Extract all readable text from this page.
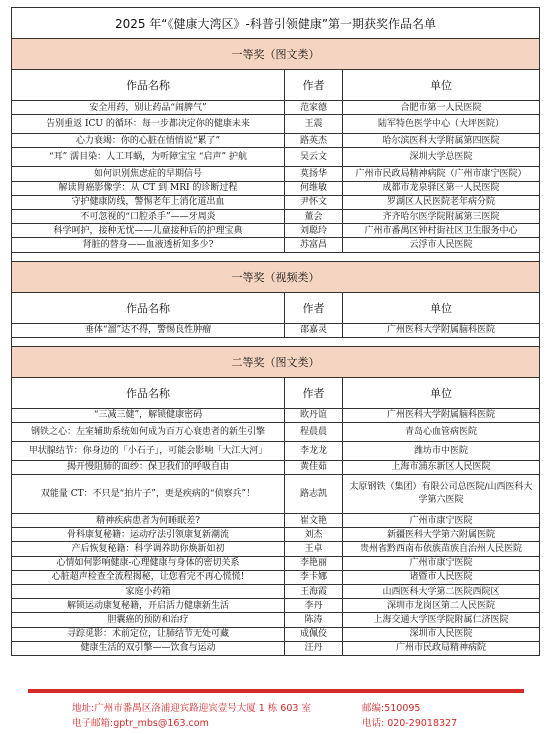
2025 年“《健康大湾区》-科普引领健康”第一期获奖作品名单		
一等奖（图文类）		
作品名称	作者	单位
安全用药，别让药品“闹脾气”	范家德	合肥市第一人民医院
告别重返 ICU 的循环：每一步都决定你的健康未来	王震	陆军特色医学中心（大坪医院）
心力衰竭：你的心脏在悄悄说“累了”	路英杰	哈尔滨医科大学附属第四医院
“耳” 濡目染：人工耳蜗，为听障宝宝 “启声” 护航	吴云文	深圳大学总医院
如何识别焦虑症的早期信号	莫扬华	广州市民政局精神病院（广州市康宁医院）
解读胃癌影像学：从 CT 到 MRI 的诊断过程	何维敏	成都市龙泉驿区第一人民医院
守护健康防线，警惕老年上消化道出血	尹怀文	罗湖区人民医院老年病分院
不可忽视的“口腔杀手”——牙周炎	董会	齐齐哈尔医学院附属第三医院
科学呵护，接种无忧——儿童接种后的护理宝典	刘聪玲	广州市番禺区钟村街社区卫生服务中心
肾脏的替身——血液透析知多少?	苏富昌	云浮市人民医院

一等奖（视频类）		
作品名称	作者	单位
垂体“溜”达不得，警惕良性肿瘤	邵嘉灵	广州医科大学附属脑科医院

二等奖（图文类）		
作品名称	作者	单位
“三减三健”，解锁健康密码	欧丹谊	广州医科大学附属脑科医院
钢铁之心：左室辅助系统如何成为百万心衰患者的新生引擎	程晨晨	青岛心血管病医院
甲状腺结节：你身边的「小石子」，可能会影响「大江大河」	李龙龙	潍坊市中医院
揭开慢阻肺的面纱：保卫我们的呼吸自由	黄佳茹	上海市浦东新区人民医院
双能量 CT：不只是“拍片子”，更是疾病的“侦察兵”！	路志凯	太原钢铁（集团）有限公司总医院/山西医科大学第六医院
精神疾病患者为何睡眠差?	崔文艳	广州市康宁医院
骨科康复秘籍：运动疗法引领康复新潮流	刘杰	新疆医科大学第六附属医院
产后恢复秘籍：科学调养助你焕新如初	王卓	贵州省黔西南布依族苗族自治州人民医院
心情如何影响健康-心理健康与身体的密切关系	李艳丽	广州市康宁医院
心脏超声检查全流程揭秘，让您看完不再心慌慌!	李卡娜	诸暨市人民医院
家庭小药箱	王海霞	山西医科大学第二医院西院区
解锁运动康复秘籍，开启活力健康新生活	李丹	深圳市龙岗区第二人民医院
胆囊癌的预防和治疗	陈涛	上海交通大学医学院附属仁济医院
寻踪觅影：术前定位，让肺结节无处可藏	成佩佼	深圳市人民医院
健康生活的双引擎——饮食与运动	汪丹	广州市民政局精神病院
地址:广州市番禺区洛浦迎宾路迎宾壹号大厦 1 栋 603 室	邮编:510095
电子邮箱:gptr_mbs@163.com	电话: 020-29018327
